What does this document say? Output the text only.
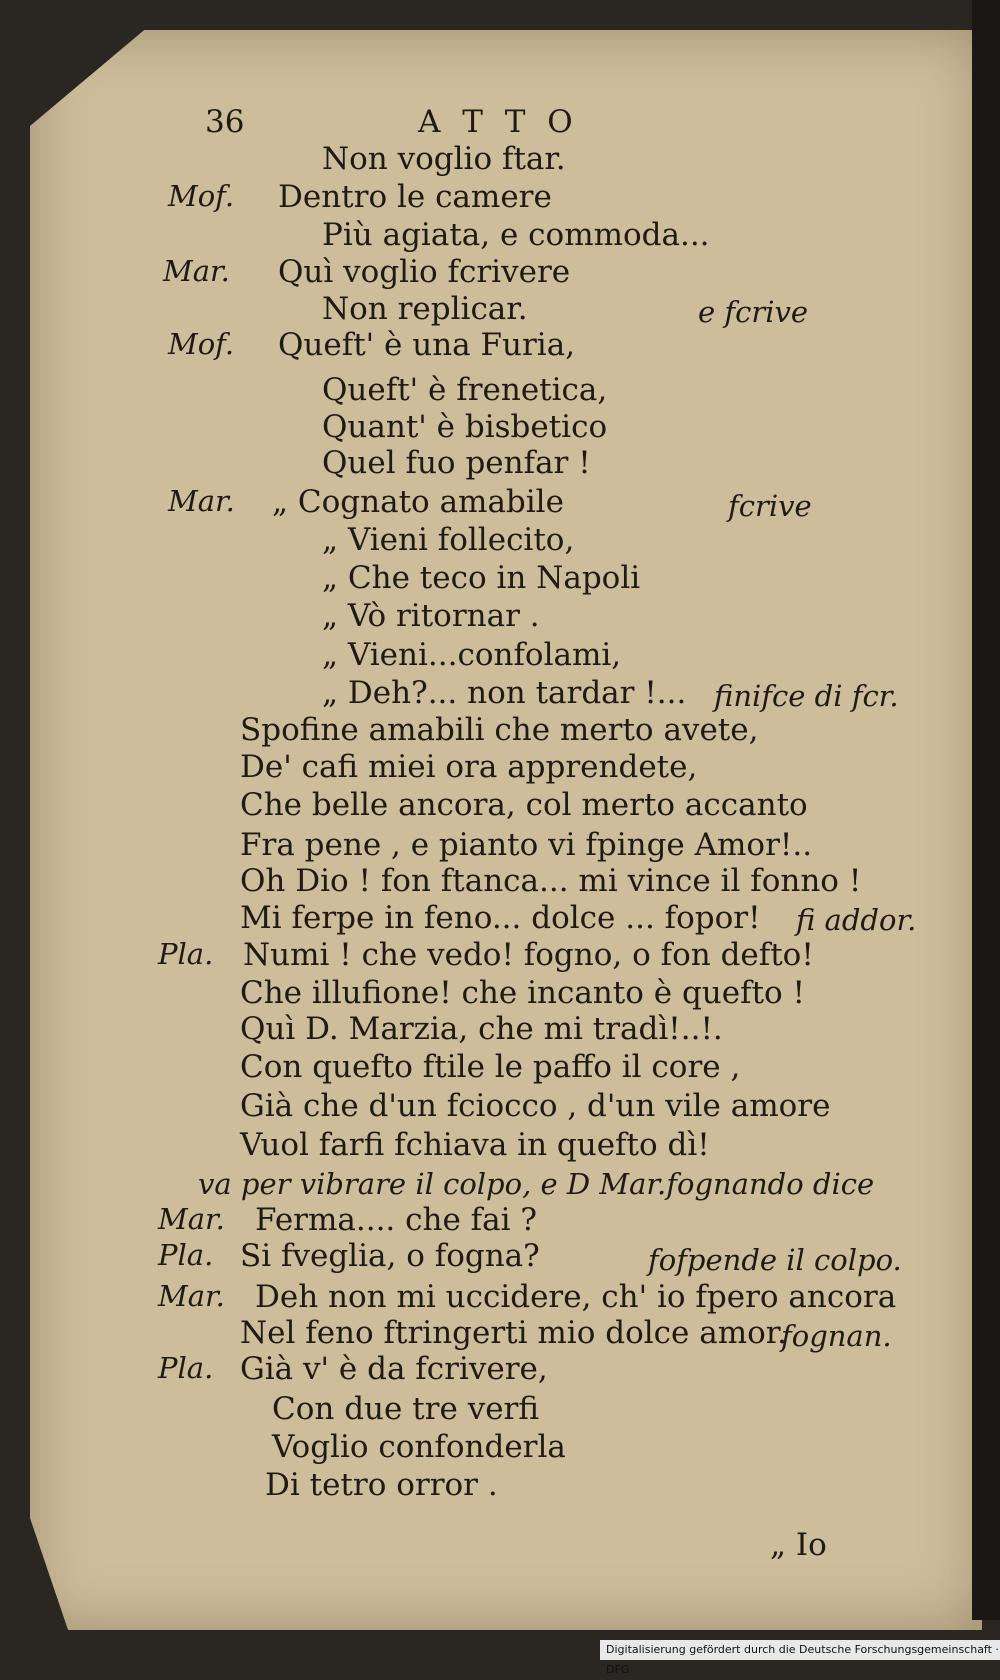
36	A T T O
Mof.
Mar.
Mof.
Mar.
Pla.
Mar.
Pla.
Mar.
Pla.
Non voglio ftar.
Dentro le camere
Più agiata, e commoda...
Quì voglio fcrivere
Non replicar.
Queft' è una Furia,
Queft' è frenetica,
Quant' è bisbetico
Quel fuo penfar !
„ Cognato amabile
„ Vieni follecito,
„ Che teco in Napoli
„ Vò ritornar .
„ Vieni...confolami,
„ Deh?... non tardar !...
Spofine amabili che merto avete,
De' cafi miei ora apprendete,
Che belle ancora, col merto accanto
Fra pene , e pianto vi fpinge Amor!..
Oh Dio ! fon ftanca... mi vince il fonno !
Mi ferpe in feno... dolce ... fopor!
Numi ! che vedo! fogno, o fon defto!
Che illufione! che incanto è quefto !
Quì D. Marzia, che mi tradì!..!.
Con quefto ftile le paffo il core ,
Già che d'un fciocco , d'un vile amore
Vuol farfi fchiava in quefto dì!
Ferma.... che fai ?
Si fveglia, o fogna?
Deh non mi uccidere, ch' io fpero ancora
Nel feno ftringerti mio dolce amor.
Già v' è da fcrivere,
Con due tre verfi
Voglio confonderla
Di tetro orror .
e fcrive
fcrive
finifce di fcr.
fi addor.
va per vibrare il colpo, e D Mar.fognando dice
fofpende il colpo.
fognan.
„ Io
Digitalisierung gefördert durch die Deutsche Forschungsgemeinschaft · DFG
